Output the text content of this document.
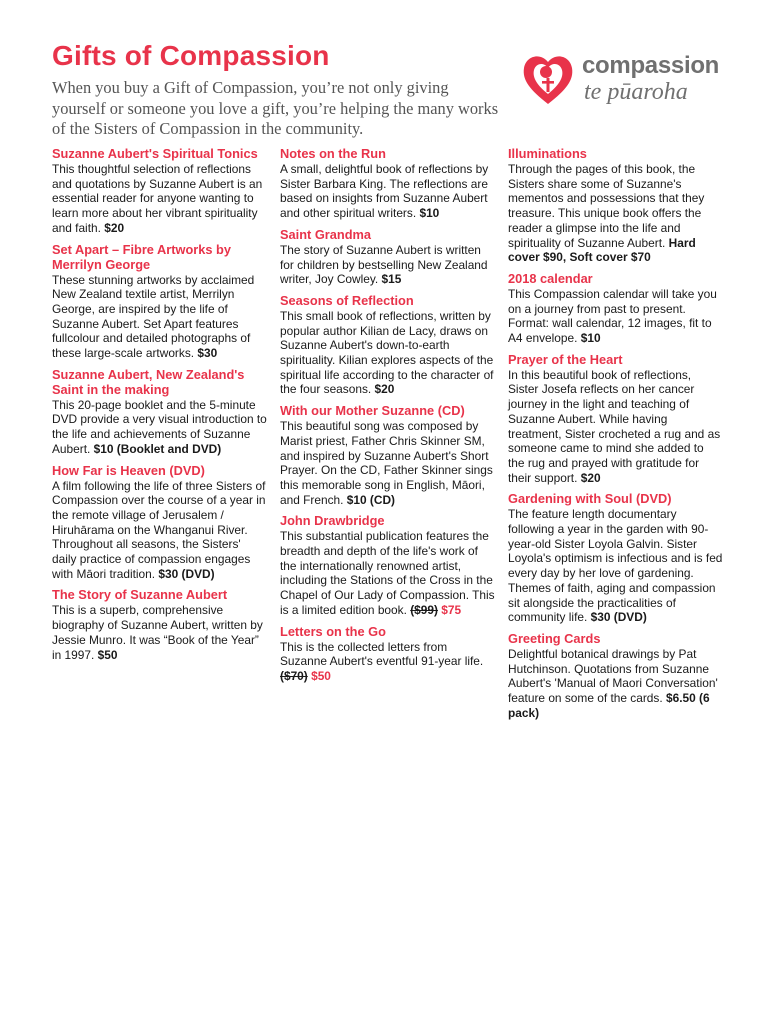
Gifts of Compassion

When you buy a Gift of Compassion, you’re not only giving yourself or someone you love a gift, you’re helping the many works of the Sisters of Compassion in the community.

compassion
te pūaroha

Suzanne Aubert's Spiritual Tonics

This thoughtful selection of reflections and quotations by Suzanne Aubert is an essential reader for anyone wanting to learn more about her vibrant spirituality and faith. $20

Set Apart – Fibre Artworks by Merrilyn George

These stunning artworks by acclaimed New Zealand textile artist, Merrilyn George, are inspired by the life of Suzanne Aubert. Set Apart features fullcolour and detailed photographs of these large-scale artworks. $30

Suzanne Aubert, New Zealand's Saint in the making

This 20-page booklet and the 5-minute DVD provide a very visual introduction to the life and achievements of Suzanne Aubert. $10 (Booklet and DVD)

How Far is Heaven (DVD)

A film following the life of three Sisters of Compassion over the course of a year in the remote village of Jerusalem / Hiruhārama on the Whanganui River. Throughout all seasons, the Sisters' daily practice of compassion engages with Māori tradition. $30 (DVD)

The Story of Suzanne Aubert

This is a superb, comprehensive biography of Suzanne Aubert, written by Jessie Munro. It was “Book of the Year” in 1997. $50

Notes on the Run

A small, delightful book of reflections by Sister Barbara King. The reflections are based on insights from Suzanne Aubert and other spiritual writers. $10

Saint Grandma

The story of Suzanne Aubert is written for children by bestselling New Zealand writer, Joy Cowley. $15

Seasons of Reflection

This small book of reflections, written by popular author Kilian de Lacy, draws on Suzanne Aubert's down-to-earth spirituality. Kilian explores aspects of the spiritual life according to the character of the four seasons. $20

With our Mother Suzanne (CD)

This beautiful song was composed by Marist priest, Father Chris Skinner SM, and inspired by Suzanne Aubert's Short Prayer. On the CD, Father Skinner sings this memorable song in English, Māori, and French. $10 (CD)

John Drawbridge

This substantial publication features the breadth and depth of the life's work of the internationally renowned artist, including the Stations of the Cross in the Chapel of Our Lady of Compassion. This is a limited edition book. ($99) $75

Letters on the Go

This is the collected letters from Suzanne Aubert's eventful 91-year life. ($70) $50

Illuminations

Through the pages of this book, the Sisters share some of Suzanne's mementos and possessions that they treasure. This unique book offers the reader a glimpse into the life and spirituality of Suzanne Aubert. Hard cover $90, Soft cover $70

2018 calendar

This Compassion calendar will take you on a journey from past to present. Format: wall calendar, 12 images, fit to A4 envelope. $10

Prayer of the Heart

In this beautiful book of reflections, Sister Josefa reflects on her cancer journey in the light and teaching of Suzanne Aubert. While having treatment, Sister crocheted a rug and as someone came to mind she added to the rug and prayed with gratitude for their support. $20

Gardening with Soul (DVD)

The feature length documentary following a year in the garden with 90-year-old Sister Loyola Galvin. Sister Loyola's optimism is infectious and is fed every day by her love of gardening. Themes of faith, aging and compassion sit alongside the practicalities of community life. $30 (DVD)

Greeting Cards

Delightful botanical drawings by Pat Hutchinson. Quotations from Suzanne Aubert's 'Manual of Maori Conversation' feature on some of the cards. $6.50 (6 pack)
